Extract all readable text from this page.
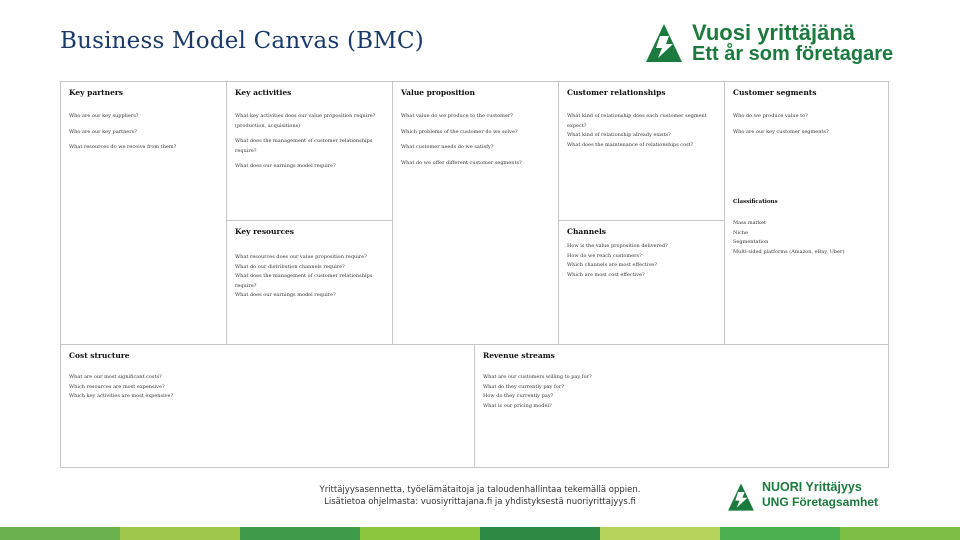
Business Model Canvas (BMC)	Vuosi yrittäjänä
Ett år som företagare
Key partners
Who are our key suppliers?
Who are our key partners?
What resources do we receive from them?
Key activities
What key activities does our value proposition require?
(production, acquisitions)
What does the management of customer relationships
require?
What does our earnings model require?
Key resources
What resources does our value proposition require?
What do our distribution channels require?
What does the management of customer relationships
require?
What does our earnings model require?
Value proposition
What value do we produce to the customer?
Which problems of the customer do we solve?
What customer needs do we satisfy?
What do we offer different customer segments?
Customer relationships
What kind of relationship does each customer segment
expect?
What kind of relationship already exists?
What does the maintenance of relationships cost?
Channels
How is the value proposition delivered?
How do we reach customers?
Which channels are most effective?
Which are most cost effective?
Customer segments
Who do we produce value to?
Who are our key customer segments?
Classifications
Mass market
Niche
Segmentation
Multi-sided platforms (Amazon, eBay, Uber)
Cost structure
What are our most significant costs?
Which resources are most expensive?
Which key activities are most expensive?
Revenue streams
What are our customers willing to pay for?
What do they currently pay for?
How do they currently pay?
What is our pricing model?
Yrittäjyysasennetta, työelämätaitoja ja taloudenhallintaa tekemällä oppien.
Lisätietoa ohjelmasta: vuosiyrittajana.fi ja yhdistyksestä nuoriyrittajyys.fi
NUORI Yrittäjyys
UNG Företagsamhet
